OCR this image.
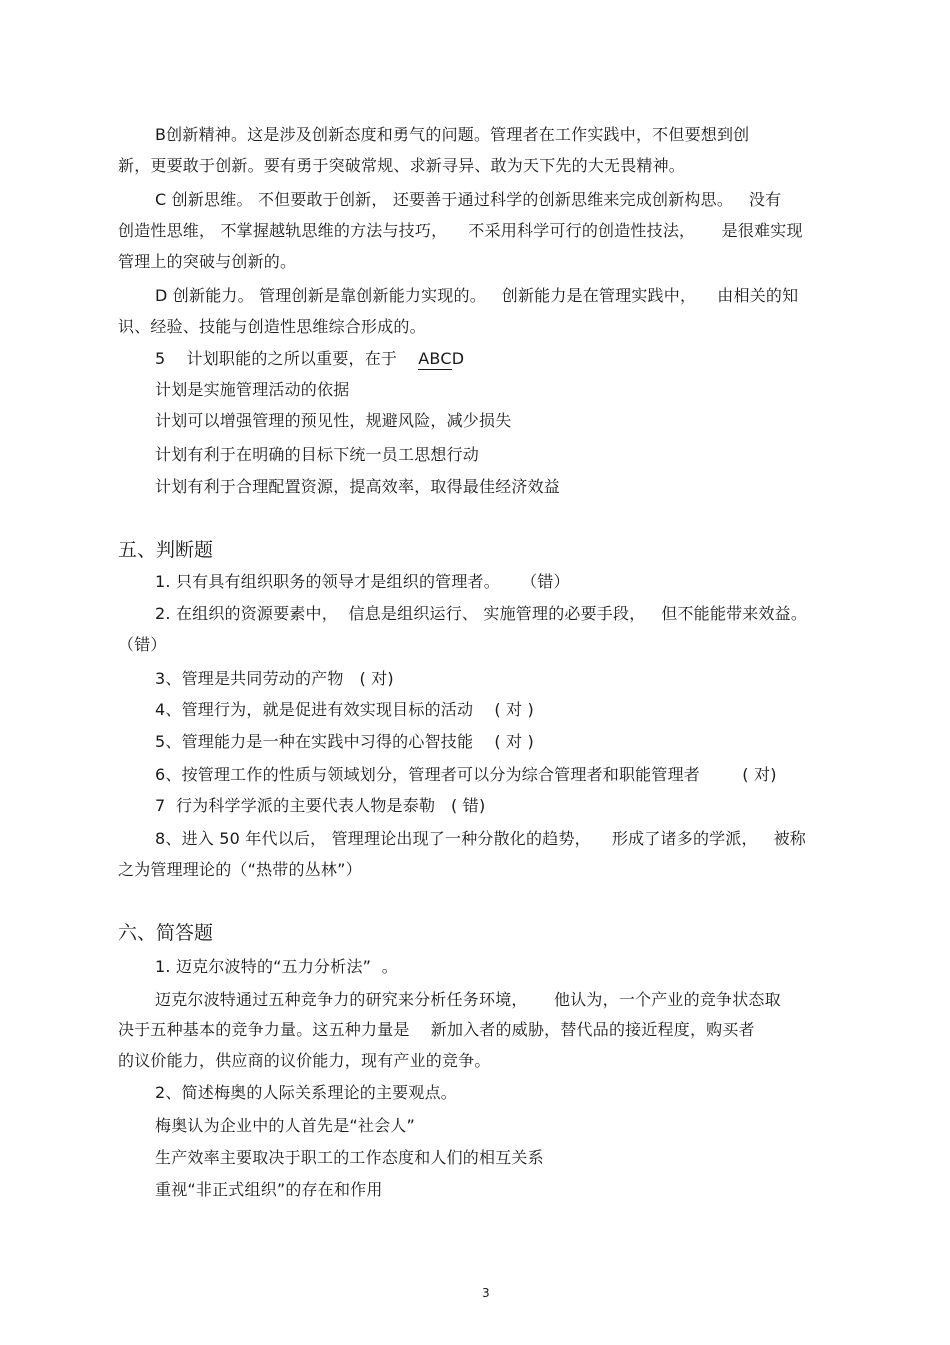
B创新精神。这是涉及创新态度和勇气的问题。管理者在工作实践中，不但要想到创
新，更要敢于创新。要有勇于突破常规、求新寻异、敢为天下先的大无畏精神。
C 创新思维。 不但要敢于创新， 还要善于通过科学的创新思维来完成创新构思。   没有
创造性思维， 不掌握越轨思维的方法与技巧，    不采用科学可行的创造性技法，     是很难实现
管理上的突破与创新的。
D 创新能力。 管理创新是靠创新能力实现的。   创新能力是在管理实践中，    由相关的知
识、经验、技能与创造性思维综合形成的。
5    计划职能的之所以重要，在于 ABCD
计划是实施管理活动的依据
计划可以增强管理的预见性，规避风险，减少损失
计划有利于在明确的目标下统一员工思想行动
计划有利于合理配置资源，提高效率，取得最佳经济效益
五、判断题
1. 只有具有组织职务的领导才是组织的管理者。    （错）
2. 在组织的资源要素中，  信息是组织运行、 实施管理的必要手段，   但不能能带来效益。
（错）
3、管理是共同劳动的产物   ( 对)
4、管理行为，就是促进有效实现目标的活动    ( 对 )
5、管理能力是一种在实践中习得的心智技能    ( 对 )
6、按管理工作的性质与领域划分，管理者可以分为综合管理者和职能管理者        ( 对)
7  行为科学学派的主要代表人物是泰勒   ( 错)
8、进入 50 年代以后， 管理理论出现了一种分散化的趋势，    形成了诸多的学派，   被称
之为管理理论的（“热带的丛林”）
六、简答题
1. 迈克尔波特的“五力分析法”  。
迈克尔波特通过五种竞争力的研究来分析任务环境，     他认为，一个产业的竞争状态取
决于五种基本的竞争力量。这五种力量是    新加入者的威胁，替代品的接近程度，购买者
的议价能力，供应商的议价能力，现有产业的竞争。
2、简述梅奥的人际关系理论的主要观点。
梅奥认为企业中的人首先是“社会人”
生产效率主要取决于职工的工作态度和人们的相互关系
重视“非正式组织”的存在和作用
3
